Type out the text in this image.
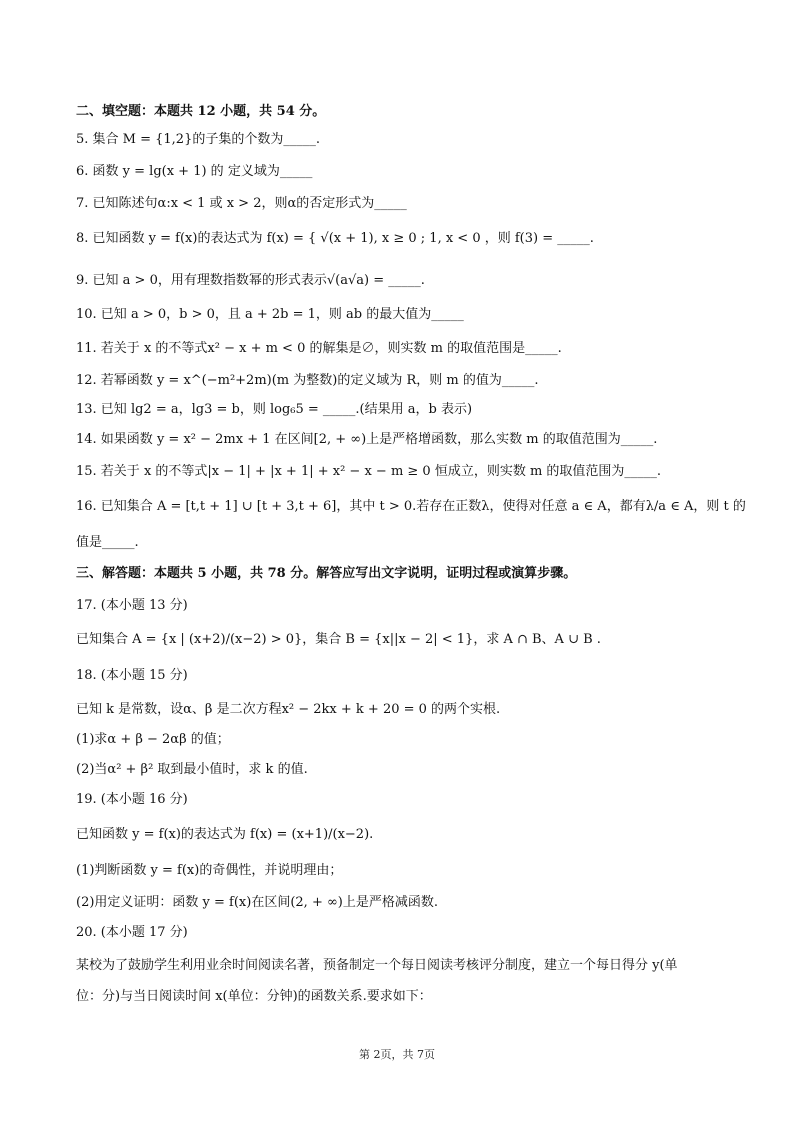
二、填空题：本题共 12 小题，共 54 分。
5. 集合 M = {1,2}的子集的个数为_____.
6. 函数 y = lg(x + 1) 的 定义域为_____
7. 已知陈述句α:x < 1 或 x > 2，则α的否定形式为_____
8. 已知函数 y = f(x)的表达式为 f(x) = { √(x + 1), x ≥ 0 ; 1, x < 0 ，则 f(3) = _____.
9. 已知 a > 0，用有理数指数幂的形式表示√(a√a) = _____.
10. 已知 a > 0，b > 0，且 a + 2b = 1，则 ab 的最大值为_____
11. 若关于 x 的不等式x² − x + m < 0 的解集是∅，则实数 m 的取值范围是_____.
12. 若幂函数 y = x^(−m²+2m)(m 为整数)的定义域为 R，则 m 的值为_____.
13. 已知 lg2 = a，lg3 = b，则 log₆5 = _____.(结果用 a，b 表示)
14. 如果函数 y = x² − 2mx + 1 在区间[2, + ∞)上是严格增函数，那么实数 m 的取值范围为_____.
15. 若关于 x 的不等式|x − 1| + |x + 1| + x² − x − m ≥ 0 恒成立，则实数 m 的取值范围为_____.
16. 已知集合 A = [t,t + 1] ∪ [t + 3,t + 6]，其中 t > 0.若存在正数λ，使得对任意 a ∈ A，都有λ/a ∈ A，则 t 的
值是_____.
三、解答题：本题共 5 小题，共 78 分。解答应写出文字说明，证明过程或演算步骤。
17. (本小题 13 分)
已知集合 A = {x | (x+2)/(x−2) > 0}，集合 B = {x||x − 2| < 1}，求 A ∩ B、A ∪ B .
18. (本小题 15 分)
已知 k 是常数，设α、β 是二次方程x² − 2kx + k + 20 = 0 的两个实根.
(1)求α + β − 2αβ 的值；
(2)当α² + β² 取到最小值时，求 k 的值.
19. (本小题 16 分)
已知函数 y = f(x)的表达式为 f(x) = (x+1)/(x−2).
(1)判断函数 y = f(x)的奇偶性，并说明理由；
(2)用定义证明：函数 y = f(x)在区间(2, + ∞)上是严格减函数.
20. (本小题 17 分)
某校为了鼓励学生利用业余时间阅读名著，预备制定一个每日阅读考核评分制度，建立一个每日得分 y(单
位：分)与当日阅读时间 x(单位：分钟)的函数关系.要求如下：
第 2页，共 7页
